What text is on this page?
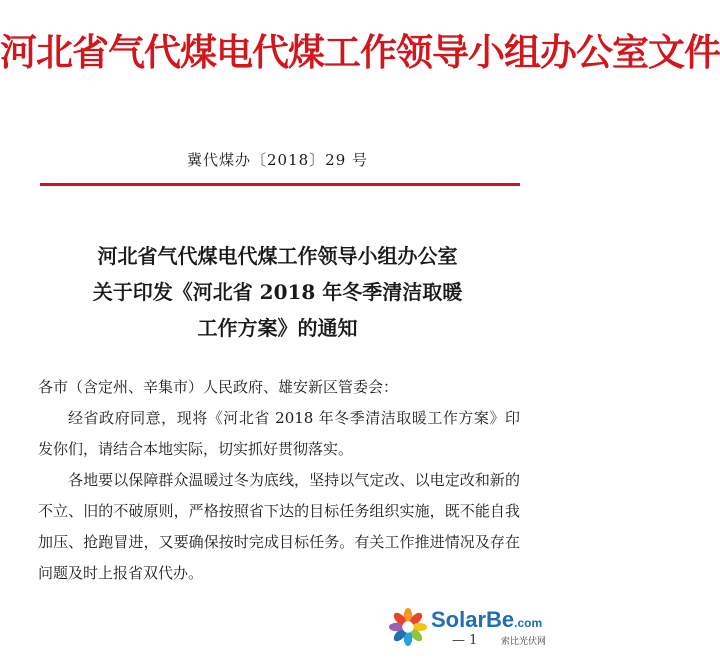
河北省气代煤电代煤工作领导小组办公室文件
冀代煤办〔2018〕29 号
河北省气代煤电代煤工作领导小组办公室
关于印发《河北省 2018 年冬季清洁取暖
工作方案》的通知

各市（含定州、辛集市）人民政府、雄安新区管委会：

经省政府同意，现将《河北省 2018 年冬季清洁取暖工作方案》印发你们，请结合本地实际，切实抓好贯彻落实。

各地要以保障群众温暖过冬为底线，坚持以气定改、以电定改和新的不立、旧的不破原则，严格按照省下达的目标任务组织实施，既不能自我加压、抢跑冒进，又要确保按时完成目标任务。有关工作推进情况及存在问题及时上报省双代办。

SolarBe.com
索比光伏网
— 1
